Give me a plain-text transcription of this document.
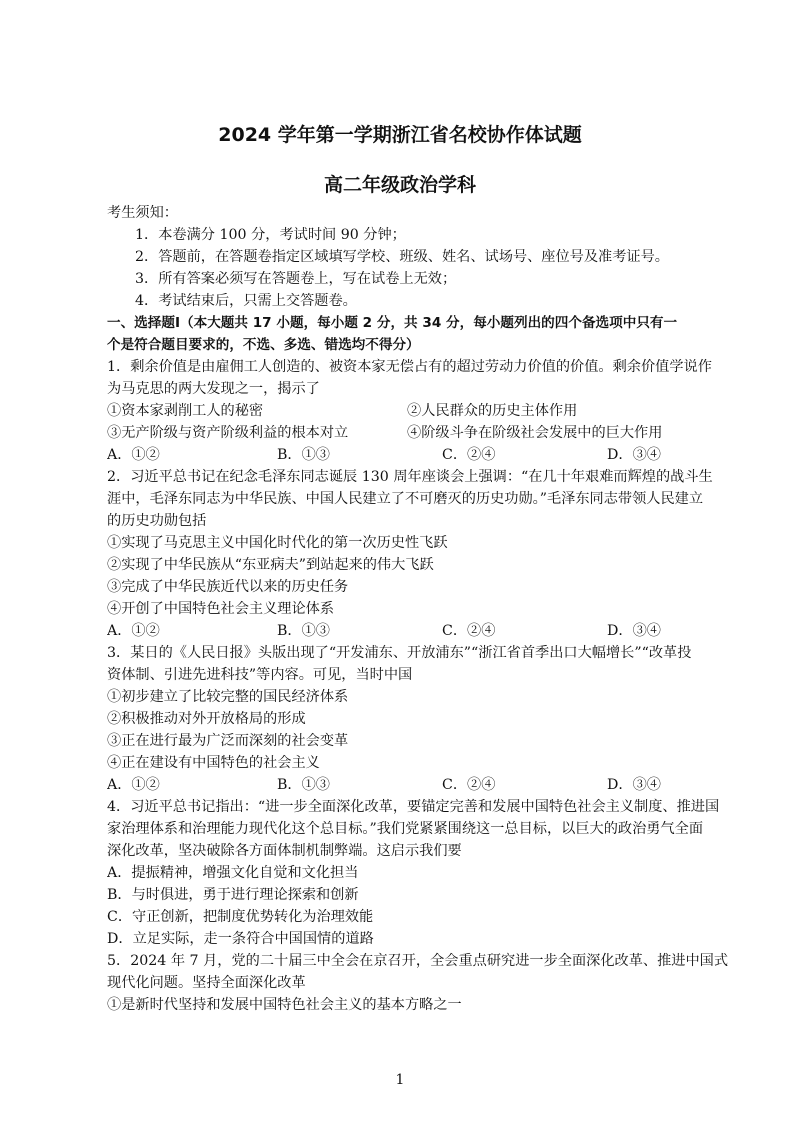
2024 学年第一学期浙江省名校协作体试题
高二年级政治学科
考生须知：
1．本卷满分 100 分，考试时间 90 分钟；
2．答题前，在答题卷指定区域填写学校、班级、姓名、试场号、座位号及准考证号。
3．所有答案必须写在答题卷上，写在试卷上无效；
4．考试结束后，只需上交答题卷。
一、选择题Ⅰ（本大题共 17 小题，每小题 2 分，共 34 分，每小题列出的四个备选项中只有一
个是符合题目要求的，不选、多选、错选均不得分）
1．剩余价值是由雇佣工人创造的、被资本家无偿占有的超过劳动力价值的价值。剩余价值学说作
为马克思的两大发现之一，揭示了
①资本家剥削工人的秘密	②人民群众的历史主体作用
③无产阶级与资产阶级利益的根本对立	④阶级斗争在阶级社会发展中的巨大作用
A．①②	B．①③	C．②④	D．③④
2．习近平总书记在纪念毛泽东同志诞辰 130 周年座谈会上强调：“在几十年艰难而辉煌的战斗生
涯中，毛泽东同志为中华民族、中国人民建立了不可磨灭的历史功勋。”毛泽东同志带领人民建立
的历史功勋包括
①实现了马克思主义中国化时代化的第一次历史性飞跃
②实现了中华民族从“东亚病夫”到站起来的伟大飞跃
③完成了中华民族近代以来的历史任务
④开创了中国特色社会主义理论体系
A．①②	B．①③	C．②④	D．③④
3．某日的《人民日报》头版出现了“开发浦东、开放浦东”“浙江省首季出口大幅增长”“改革投
资体制、引进先进科技”等内容。可见，当时中国
①初步建立了比较完整的国民经济体系
②积极推动对外开放格局的形成
③正在进行最为广泛而深刻的社会变革
④正在建设有中国特色的社会主义
A．①②	B．①③	C．②④	D．③④
4．习近平总书记指出：“进一步全面深化改革，要锚定完善和发展中国特色社会主义制度、推进国
家治理体系和治理能力现代化这个总目标。”我们党紧紧围绕这一总目标，以巨大的政治勇气全面
深化改革，坚决破除各方面体制机制弊端。这启示我们要
A．提振精神，增强文化自觉和文化担当
B．与时俱进，勇于进行理论探索和创新
C．守正创新，把制度优势转化为治理效能
D．立足实际，走一条符合中国国情的道路
5．2024 年 7 月，党的二十届三中全会在京召开，全会重点研究进一步全面深化改革、推进中国式
现代化问题。坚持全面深化改革
①是新时代坚持和发展中国特色社会主义的基本方略之一
1
